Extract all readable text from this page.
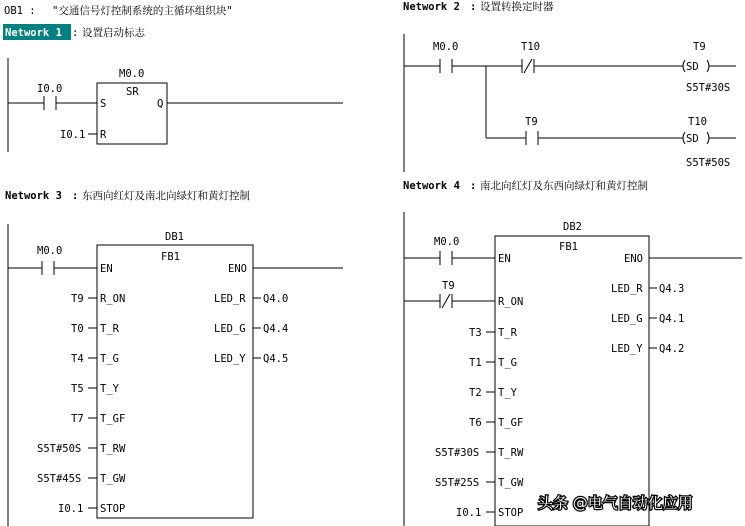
OB1 : "交通信号灯控制系统的主循环组织块"
Network 1 : 设置启动标志
I0.0
M0.0
SR
S	Q
R
I0.1
Network 2 : 设置转换定时器
M0.0	T10
SD
T9
S5T#30S
T9
SD
T10
S5T#50S
Network 3 : 东西向红灯及南北向绿灯和黄灯控制
M0.0
DB1
FB1
EN	ENO
T9 R_ON
T0 T_R
T4 T_G
T5 T_Y
T7 T_GF
S5T#50S T_RW
S5T#45S T_GW
I0.1 STOP
LED_R Q4.0
LED_G Q4.4
LED_Y Q4.5
Network 4 : 南北向红灯及东西向绿灯和黄灯控制
M0.0
T9
DB2
FB1
EN	ENO
R_ON
T3 T_R
T1 T_G
T2 T_Y
T6 T_GF
S5T#30S T_RW
S5T#25S T_GW
I0.1 STOP
LED_R Q4.3
LED_G Q4.1
LED_Y Q4.2
头条 @电气自动化应用
